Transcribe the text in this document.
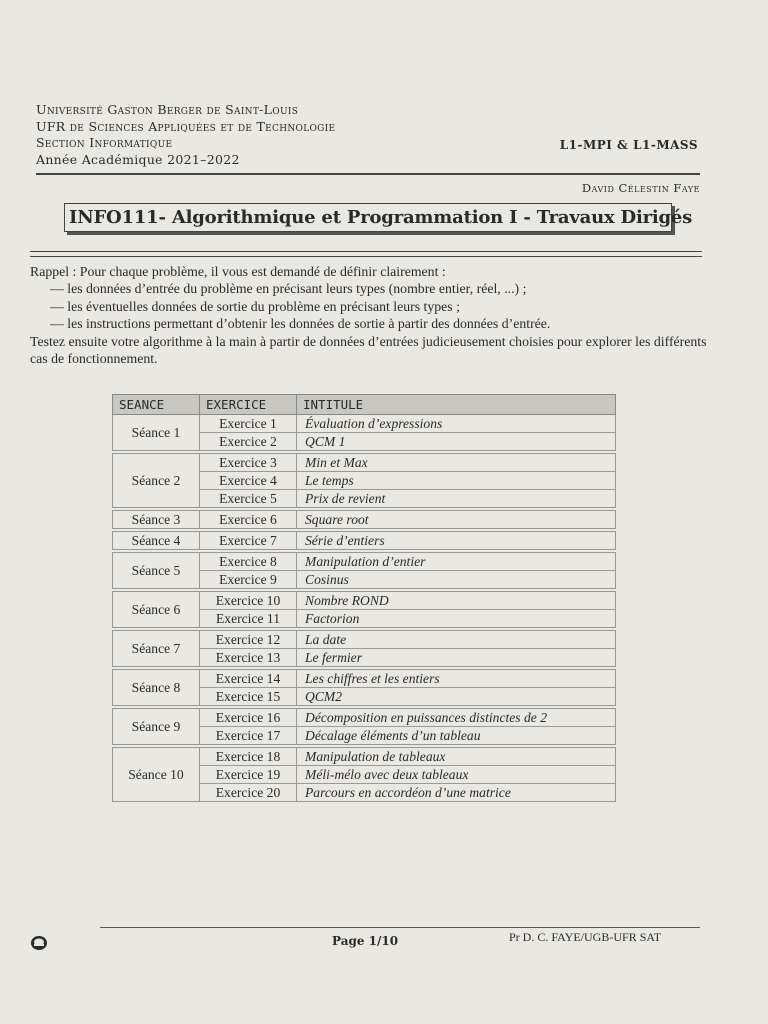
Université Gaston Berger de Saint-Louis
UFR de Sciences Appliquées et de Technologie
Section Informatique
Année Académique 2021–2022
L1-MPI & L1-MASS
David Célestin Faye
INFO111- Algorithmique et Programmation I - Travaux Dirigés
Rappel : Pour chaque problème, il vous est demandé de définir clairement :
— les données d’entrée du problème en précisant leurs types (nombre entier, réel, ...) ;
— les éventuelles données de sortie du problème en précisant leurs types ;
— les instructions permettant d’obtenir les données de sortie à partir des données d’entrée.
Testez ensuite votre algorithme à la main à partir de données d’entrées judicieusement choisies pour explorer les différents cas de fonctionnement.
SEANCE	EXERCICE	INTITULE
Séance 1	Exercice 1	Évaluation d’expressions
	Exercice 2	QCM 1

Séance 2	Exercice 3	Min et Max
	Exercice 4	Le temps
	Exercice 5	Prix de revient

Séance 3	Exercice 6	Square root

Séance 4	Exercice 7	Série d’entiers

Séance 5	Exercice 8	Manipulation d’entier
	Exercice 9	Cosinus

Séance 6	Exercice 10	Nombre ROND
	Exercice 11	Factorion

Séance 7	Exercice 12	La date
	Exercice 13	Le fermier

Séance 8	Exercice 14	Les chiffres et les entiers
	Exercice 15	QCM2

Séance 9	Exercice 16	Décomposition en puissances distinctes de 2
	Exercice 17	Décalage éléments d’un tableau

Séance 10	Exercice 18	Manipulation de tableaux
	Exercice 19	Méli-mélo avec deux tableaux
	Exercice 20	Parcours en accordéon d’une matrice
Page 1/10	Pr D. C. FAYE/UGB-UFR SAT
